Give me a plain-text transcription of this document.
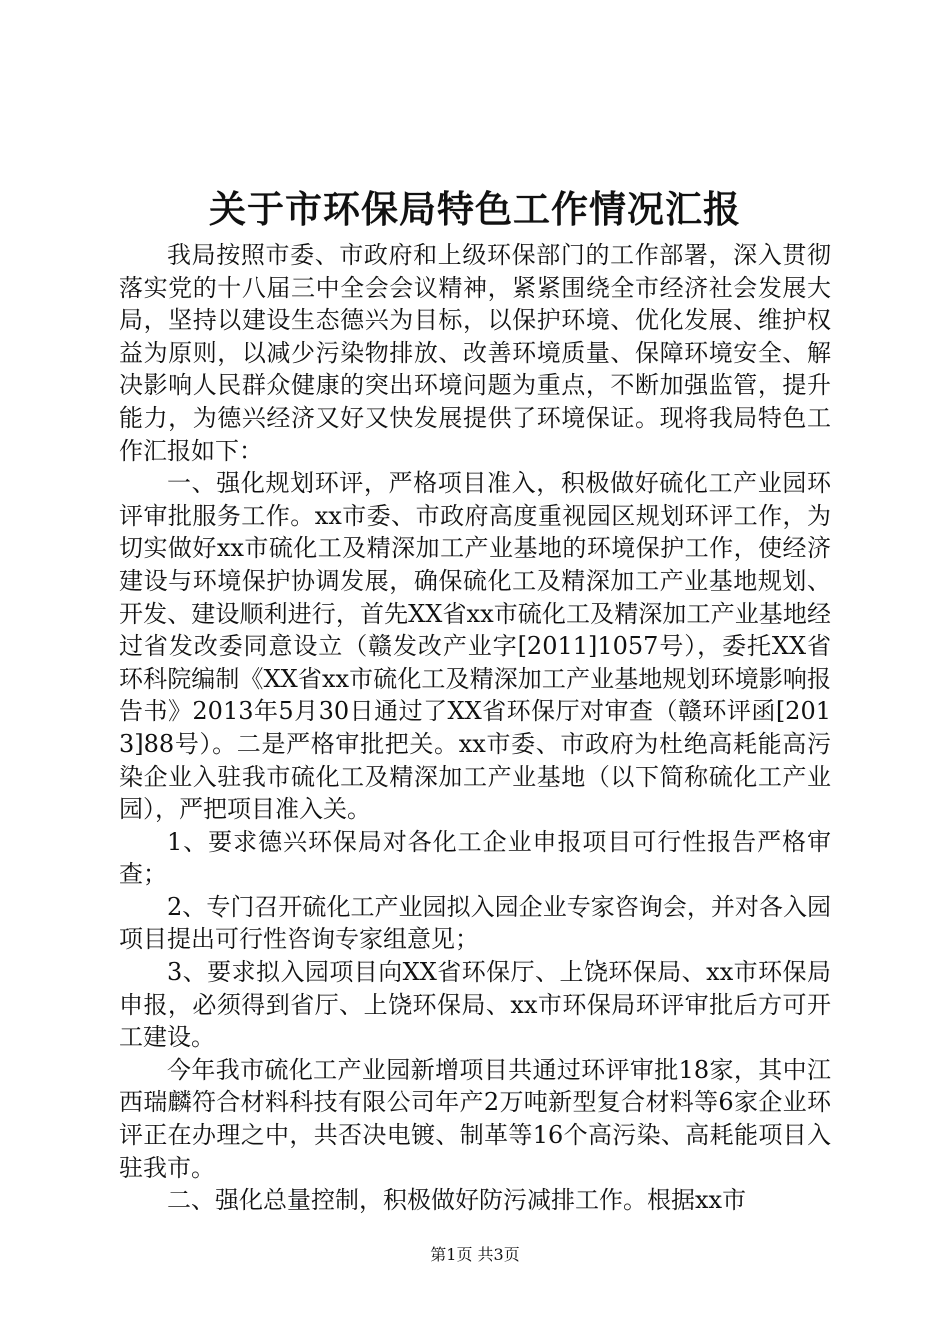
关于市环保局特色工作情况汇报

我局按照市委、市政府和上级环保部门的工作部署，深入贯彻落实党的十八届三中全会会议精神，紧紧围绕全市经济社会发展大局，坚持以建设生态德兴为目标，以保护环境、优化发展、维护权益为原则，以减少污染物排放、改善环境质量、保障环境安全、解决影响人民群众健康的突出环境问题为重点，不断加强监管，提升能力，为德兴经济又好又快发展提供了环境保证。现将我局特色工作汇报如下：

一、强化规划环评，严格项目准入，积极做好硫化工产业园环评审批服务工作。xx市委、市政府高度重视园区规划环评工作，为切实做好xx市硫化工及精深加工产业基地的环境保护工作，使经济建设与环境保护协调发展，确保硫化工及精深加工产业基地规划、开发、建设顺利进行，首先XX省xx市硫化工及精深加工产业基地经过省发改委同意设立（赣发改产业字[2011]1057号），委托XX省环科院编制《XX省xx市硫化工及精深加工产业基地规划环境影响报告书》2013年5月30日通过了XX省环保厅对审查（赣环评函[2013]88号）。二是严格审批把关。xx市委、市政府为杜绝高耗能高污染企业入驻我市硫化工及精深加工产业基地（以下简称硫化工产业园），严把项目准入关。

1、要求德兴环保局对各化工企业申报项目可行性报告严格审查；

2、专门召开硫化工产业园拟入园企业专家咨询会，并对各入园项目提出可行性咨询专家组意见；

3、要求拟入园项目向XX省环保厅、上饶环保局、xx市环保局申报，必须得到省厅、上饶环保局、xx市环保局环评审批后方可开工建设。

今年我市硫化工产业园新增项目共通过环评审批18家，其中江西瑞麟符合材料科技有限公司年产2万吨新型复合材料等6家企业环评正在办理之中，共否决电镀、制革等16个高污染、高耗能项目入驻我市。

二、强化总量控制，积极做好防污减排工作。根据xx市

第1页 共3页
